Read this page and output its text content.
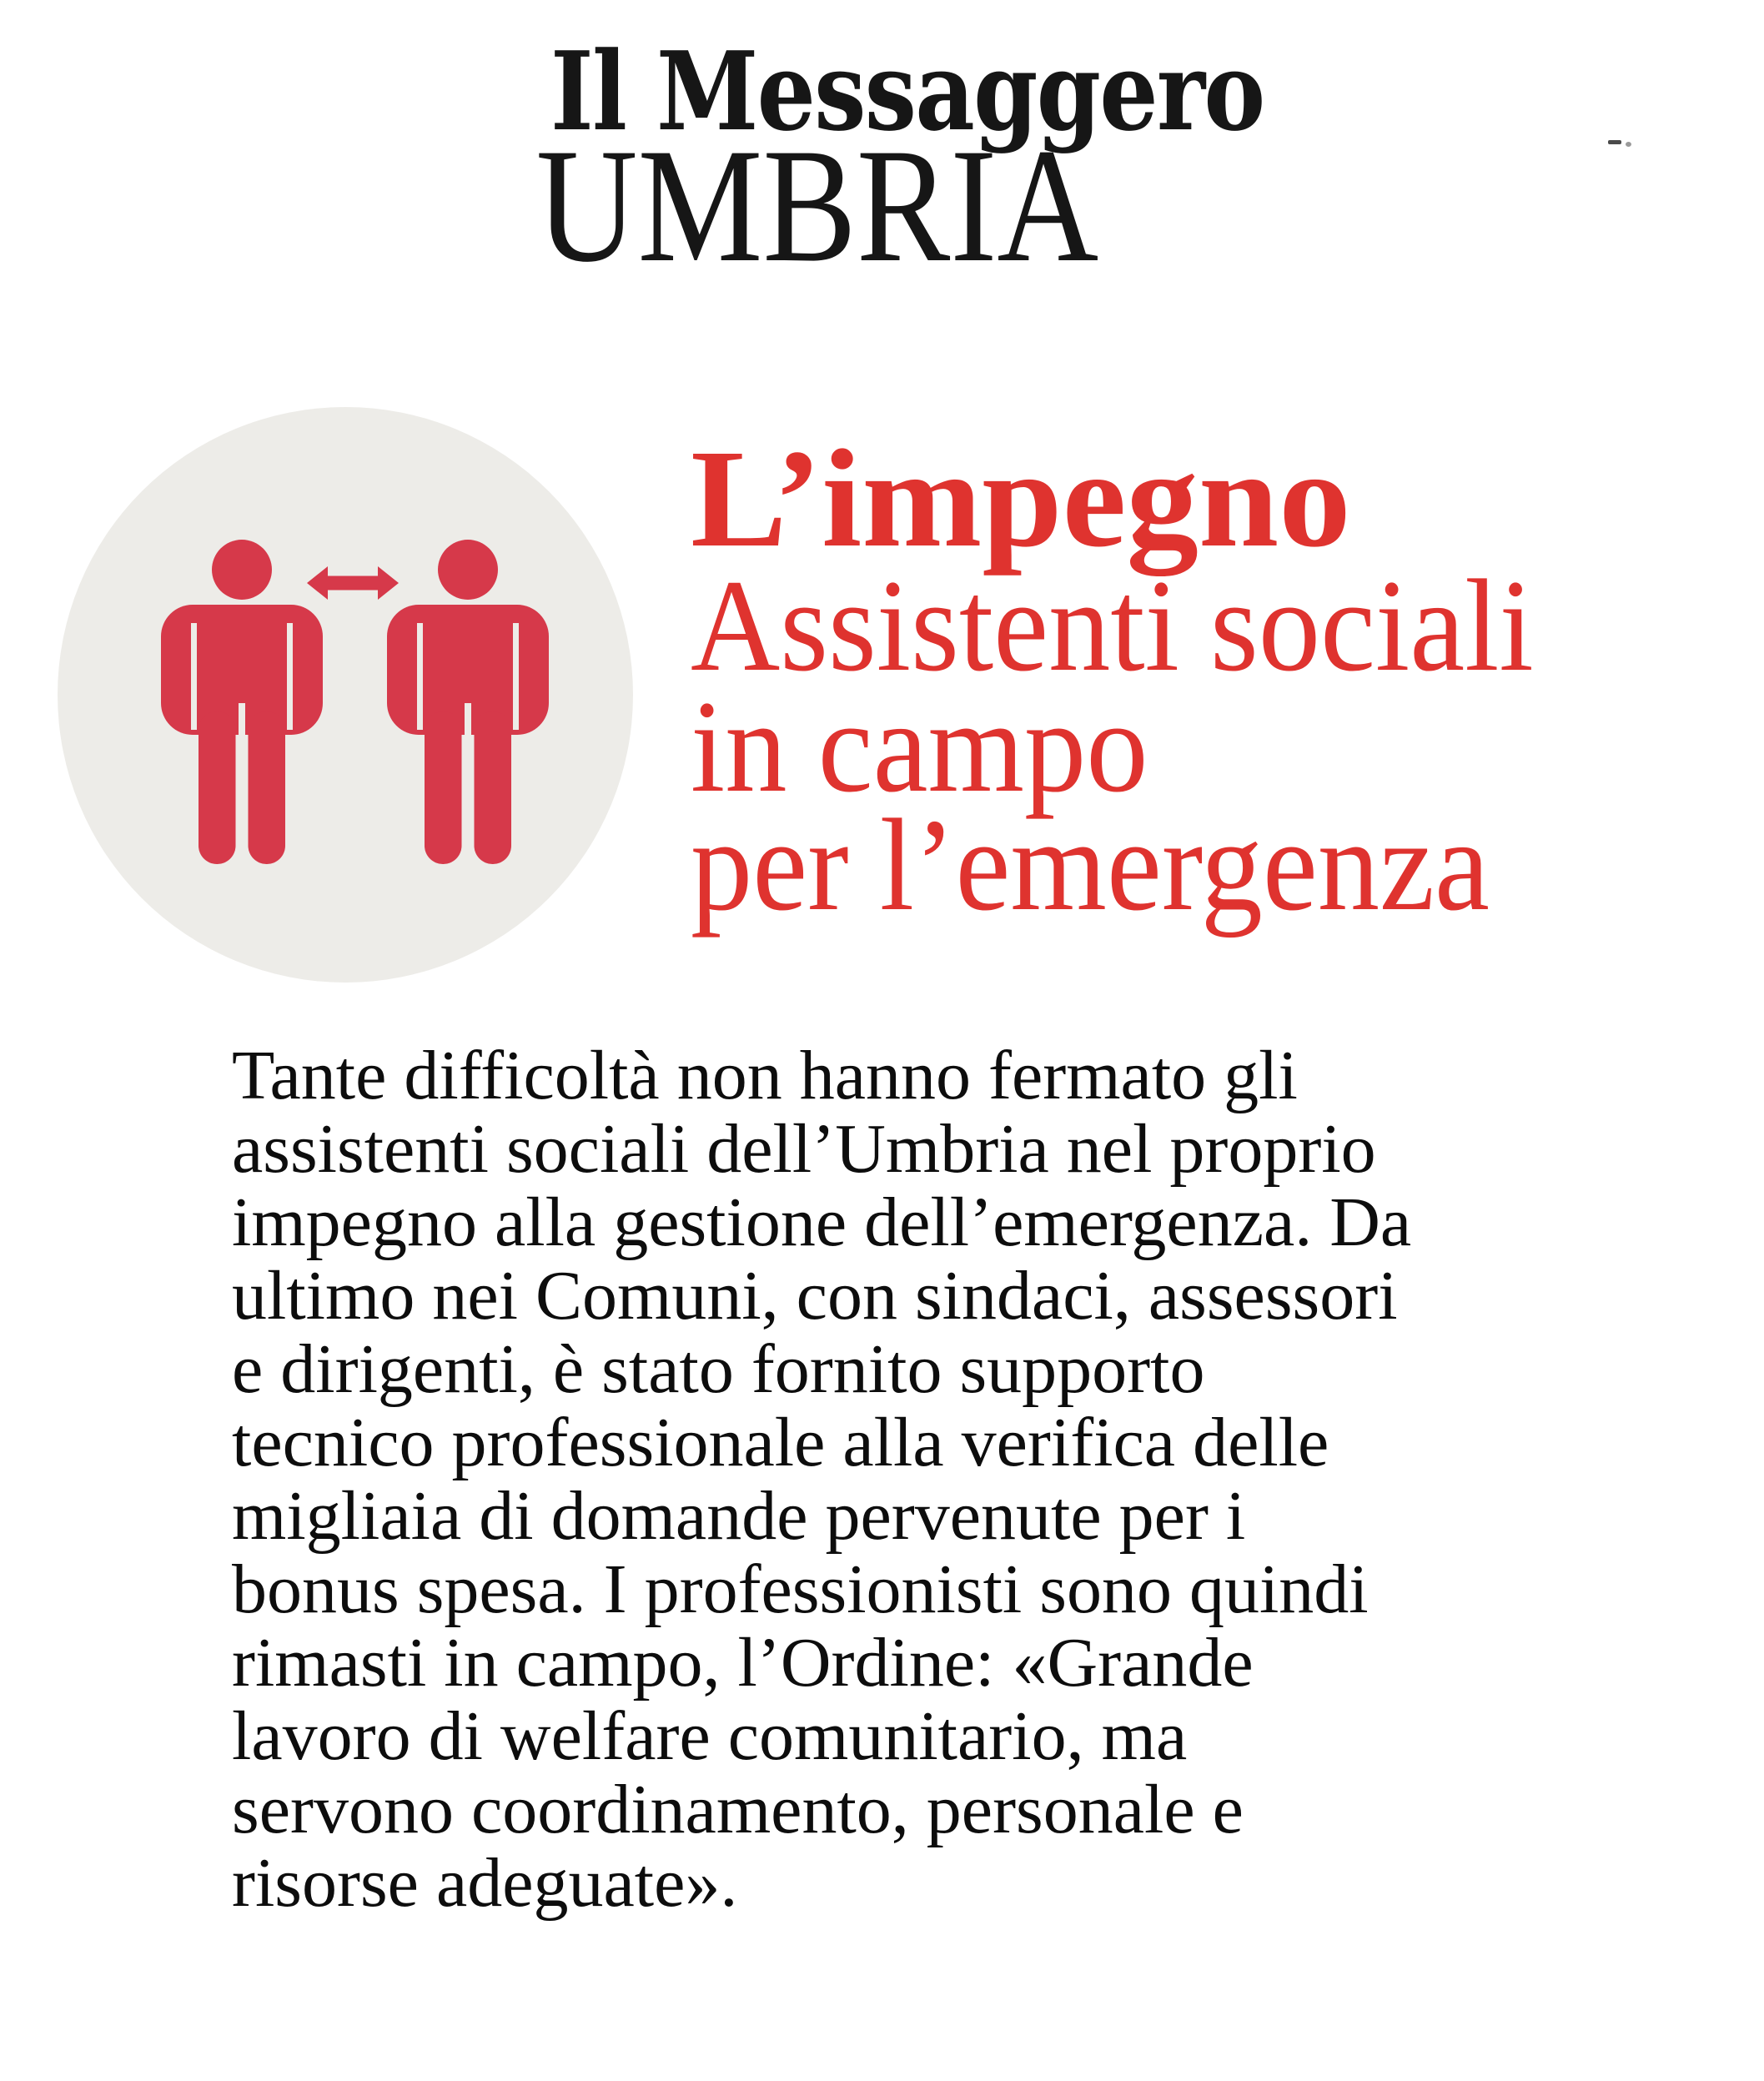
Il Messaggero
UMBRIA
L’impegno
Assistenti sociali
in campo
per l’emergenza
Tante difficoltà non hanno fermato gli
assistenti sociali dell’Umbria nel proprio
impegno alla gestione dell’emergenza. Da
ultimo nei Comuni, con sindaci, assessori
e dirigenti, è stato fornito supporto
tecnico professionale alla verifica delle
migliaia di domande pervenute per i
bonus spesa. I professionisti sono quindi
rimasti in campo, l’Ordine: «Grande
lavoro di welfare comunitario, ma
servono coordinamento, personale e
risorse adeguate».
